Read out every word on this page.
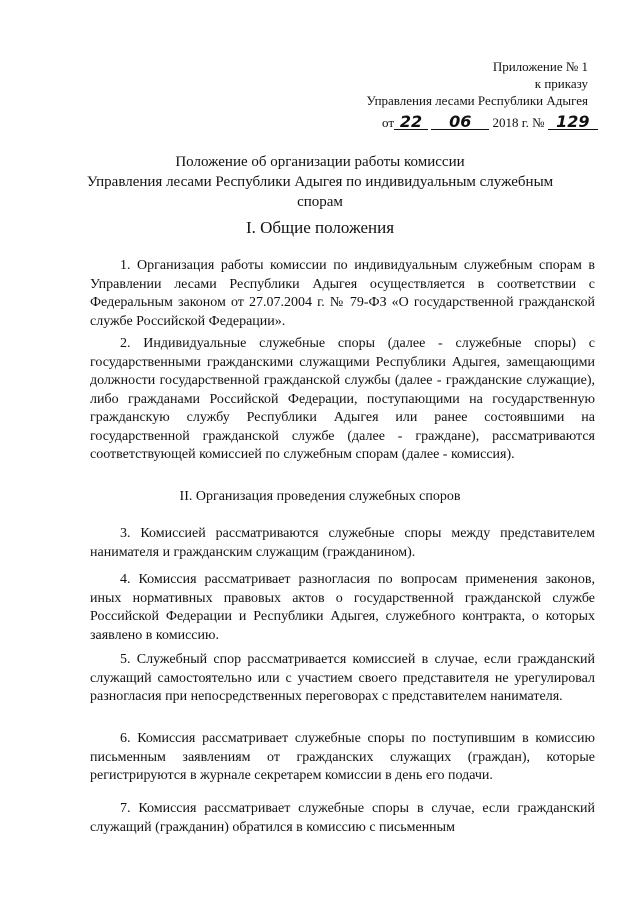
Приложение № 1
к приказу
Управления лесами Республики Адыгея
от 22 06 2018 г. № 129
Положение об организации работы комиссии
Управления лесами Республики Адыгея по индивидуальным служебным
спорам
I. Общие положения

1. Организация работы комиссии по индивидуальным служебным спорам в Управлении лесами Республики Адыгея осуществляется в соответствии с Федеральным законом от 27.07.2004 г. № 79-ФЗ «О государственной гражданской службе Российской Федерации».

2. Индивидуальные служебные споры (далее - служебные споры) с государственными гражданскими служащими Республики Адыгея, замещающими должности государственной гражданской службы (далее - гражданские служащие), либо гражданами Российской Федерации, поступающими на государственную гражданскую службу Республики Адыгея или ранее состоявшими на государственной гражданской службе (далее - граждане), рассматриваются соответствующей комиссией по служебным спорам (далее - комиссия).

II. Организация проведения служебных споров

3. Комиссией рассматриваются служебные споры между представителем нанимателя и гражданским служащим (гражданином).

4. Комиссия рассматривает разногласия по вопросам применения законов, иных нормативных правовых актов о государственной гражданской службе Российской Федерации и Республики Адыгея, служебного контракта, о которых заявлено в комиссию.

5. Служебный спор рассматривается комиссией в случае, если гражданский служащий самостоятельно или с участием своего представителя не урегулировал разногласия при непосредственных переговорах с представителем нанимателя.

6. Комиссия рассматривает служебные споры по поступившим в комиссию письменным заявлениям от гражданских служащих (граждан), которые регистрируются в журнале секретарем комиссии в день его подачи.

7. Комиссия рассматривает служебные споры в случае, если гражданский служащий (гражданин) обратился в комиссию с письменным
